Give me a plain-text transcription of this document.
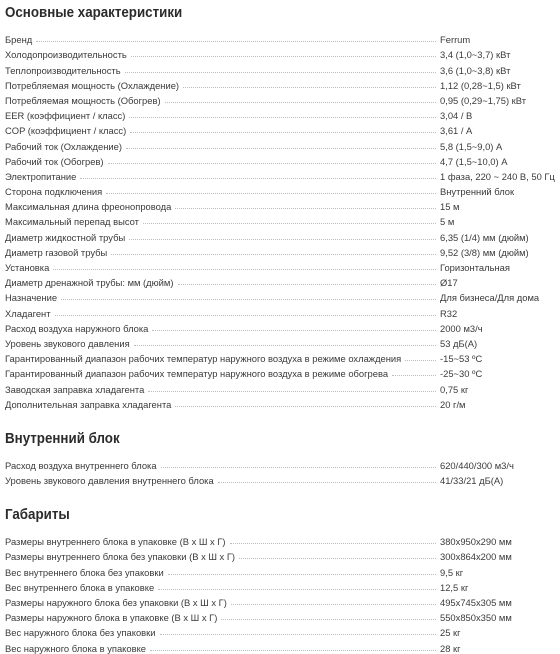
Основные характеристики
Бренд	Ferrum
Холодопроизводительность	3,4 (1,0~3,7) кВт
Теплопроизводительность	3,6 (1,0~3,8) кВт
Потребляемая мощность (Охлаждение)	1,12 (0,28~1,5) кВт
Потребляемая мощность (Обогрев)	0,95 (0,29~1,75) кВт
EER (коэффициент / класс)	3,04 / В
COP (коэффициент / класс)	3,61 / А
Рабочий ток (Охлаждение)	5,8 (1,5~9,0) А
Рабочий ток (Обогрев)	4,7 (1,5~10,0) А
Электропитание	1 фаза, 220 ~ 240 В, 50 Гц
Сторона подключения	Внутренний блок
Максимальная длина фреонопровода	15 м
Максимальный перепад высот	5 м
Диаметр жидкостной трубы	6,35 (1/4) мм (дюйм)
Диаметр газовой трубы	9,52 (3/8) мм (дюйм)
Установка	Горизонтальная
Диаметр дренажной трубы: мм (дюйм)	Ø17
Назначение	Для бизнеса/Для дома
Хладагент	R32
Расход воздуха наружного блока	2000 м3/ч
Уровень звукового давления	53 дБ(А)
Гарантированный диапазон рабочих температур наружного воздуха в режиме охлаждения	-15~53 ºС
Гарантированный диапазон рабочих температур наружного воздуха в режиме обогрева	-25~30 ºС
Заводская заправка хладагента	0,75 кг
Дополнительная заправка хладагента	20 г/м
Внутренний блок
Расход воздуха внутреннего блока	620/440/300 м3/ч
Уровень звукового давления внутреннего блока	41/33/21 дБ(А)
Габариты
Размеры внутреннего блока в упаковке (В х Ш х Г)	380x950x290 мм
Размеры внутреннего блока без упаковки (В х Ш х Г)	300x864x200 мм
Вес внутреннего блока без упаковки	9,5 кг
Вес внутреннего блока в упаковке	12,5 кг
Размеры наружного блока без упаковки (В х Ш х Г)	495x745x305 мм
Размеры наружного блока в упаковке (В х Ш х Г)	550x850x350 мм
Вес наружного блока без упаковки	25 кг
Вес наружного блока в упаковке	28 кг
